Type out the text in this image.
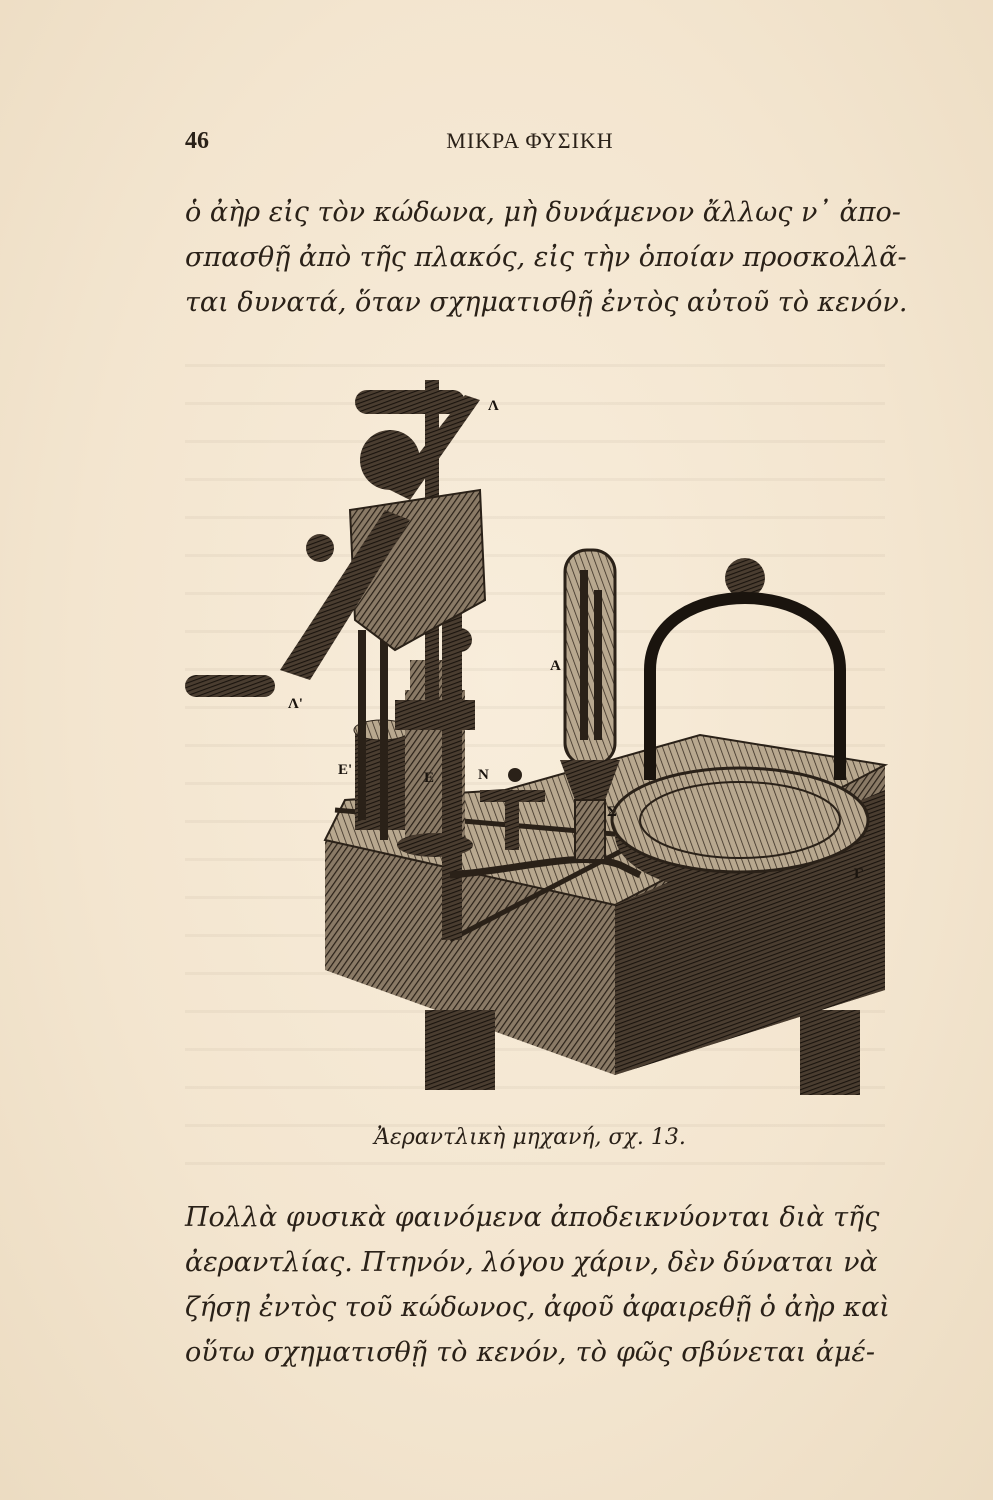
46	ΜΙΚΡΑ ΦΥΣΙΚΗ
ὁ ἀὴρ εἰς τὸν κώδωνα, μὴ δυνάμενον ἄλλως ν᾽ ἀπο-
σπασθῇ ἀπὸ τῆς πλακός, εἰς τὴν ὁποίαν προσκολλᾶ-
ται δυνατά, ὅταν σχηματισθῇ ἐντὸς αὐτοῦ τὸ κενόν.
Λ
Λ'
Ε'	Ε	Ν
Σ
Α
Γ
Ἀεραντλικὴ μηχανή, σχ. 13.
Πολλὰ φυσικὰ φαινόμενα ἀποδεικνύονται διὰ τῆς
ἀεραντλίας. Πτηνόν, λόγου χάριν, δὲν δύναται νὰ
ζήσῃ ἐντὸς τοῦ κώδωνος, ἀφοῦ ἀφαιρεθῇ ὁ ἀὴρ καὶ
οὕτω σχηματισθῇ τὸ κενόν, τὸ φῶς σβύνεται ἀμέ-
